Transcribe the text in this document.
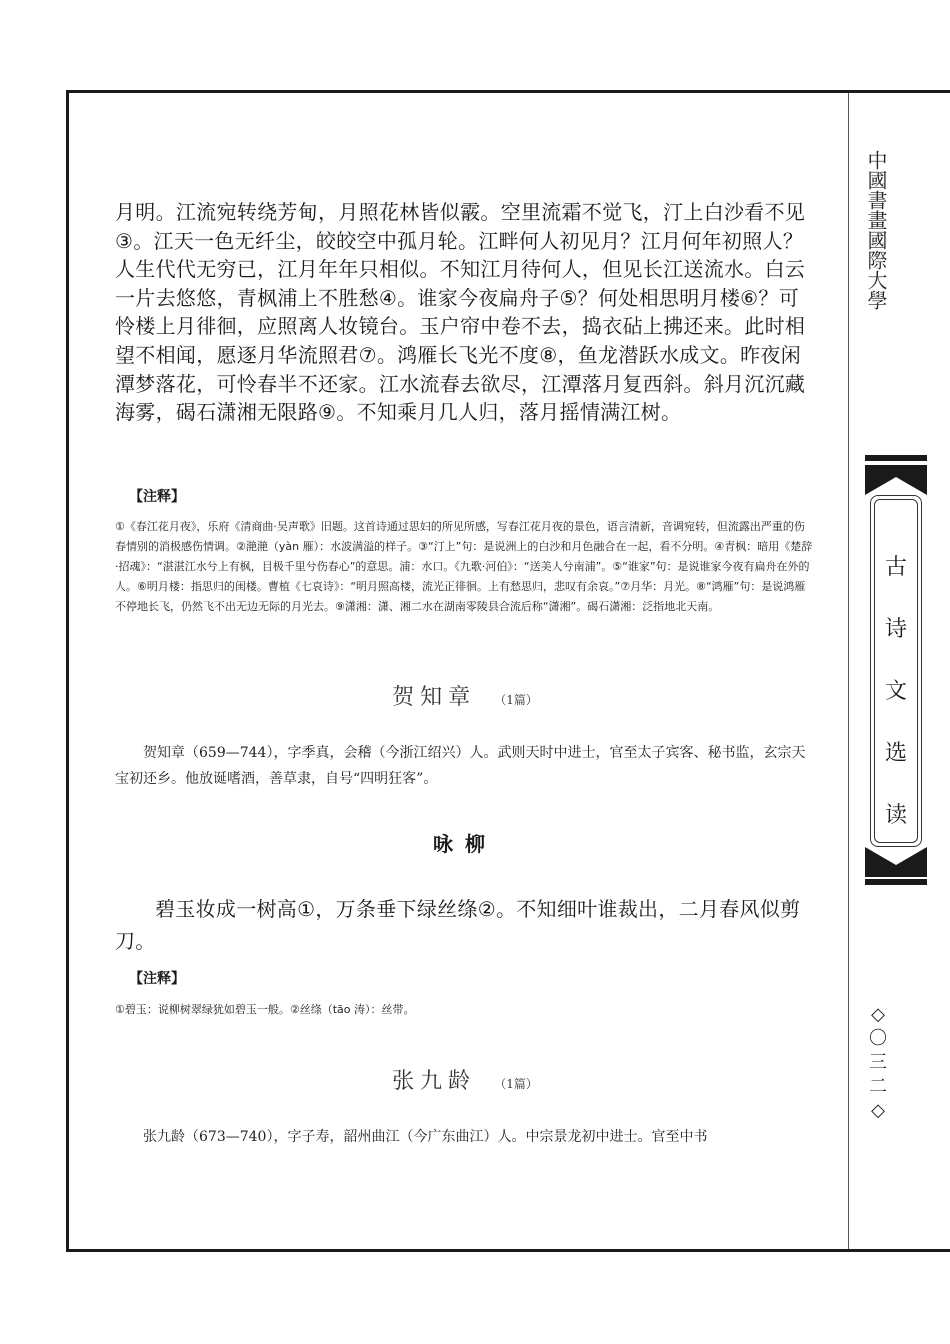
月明。江流宛转绕芳甸，月照花林皆似霰。空里流霜不觉飞，汀上白沙看不见③。江天一色无纤尘，皎皎空中孤月轮。江畔何人初见月？江月何年初照人？人生代代无穷已，江月年年只相似。不知江月待何人，但见长江送流水。白云一片去悠悠，青枫浦上不胜愁④。谁家今夜扁舟子⑤？何处相思明月楼⑥？可怜楼上月徘徊，应照离人妆镜台。玉户帘中卷不去，捣衣砧上拂还来。此时相望不相闻，愿逐月华流照君⑦。鸿雁长飞光不度⑧，鱼龙潜跃水成文。昨夜闲潭梦落花，可怜春半不还家。江水流春去欲尽，江潭落月复西斜。斜月沉沉藏海雾，碣石潇湘无限路⑨。不知乘月几人归，落月摇情满江树。

【注释】

①《春江花月夜》，乐府《清商曲·吴声歌》旧题。这首诗通过思妇的所见所感，写春江花月夜的景色，语言清新，音调宛转，但流露出严重的伤春情别的消极感伤情调。②滟滟（yàn 雁）：水波满溢的样子。③“汀上”句：是说洲上的白沙和月色融合在一起，看不分明。④青枫：暗用《楚辞·招魂》：“湛湛江水兮上有枫，目极千里兮伤春心”的意思。浦：水口。《九歌·河伯》：“送美人兮南浦”。⑤“谁家”句：是说谁家今夜有扁舟在外的人。⑥明月楼：指思归的闺楼。曹植《七哀诗》：“明月照高楼，流光正徘徊。上有愁思归，悲叹有余哀。”⑦月华：月光。⑧“鸿雁”句：是说鸿雁不停地长飞，仍然飞不出无边无际的月光去。⑨潇湘：潇、湘二水在湖南零陵县合流后称“潇湘”。碣石潇湘：泛指地北天南。

贺知章 （1篇）

贺知章（659—744），字季真，会稽（今浙江绍兴）人。武则天时中进士，官至太子宾客、秘书监，玄宗天宝初还乡。他放诞嗜酒，善草隶，自号“四明狂客”。

咏柳

碧玉妆成一树高①，万条垂下绿丝绦②。不知细叶谁裁出，二月春风似剪刀。

【注释】

①碧玉：说柳树翠绿犹如碧玉一般。②丝绦（tāo 涛）：丝带。

张九龄 （1篇）

张九龄（673—740），字子寿，韶州曲江（今广东曲江）人。中宗景龙初中进士。官至中书

中國書畫國際大學
古
诗
文
选
读
◇
〇
三
二
◇
